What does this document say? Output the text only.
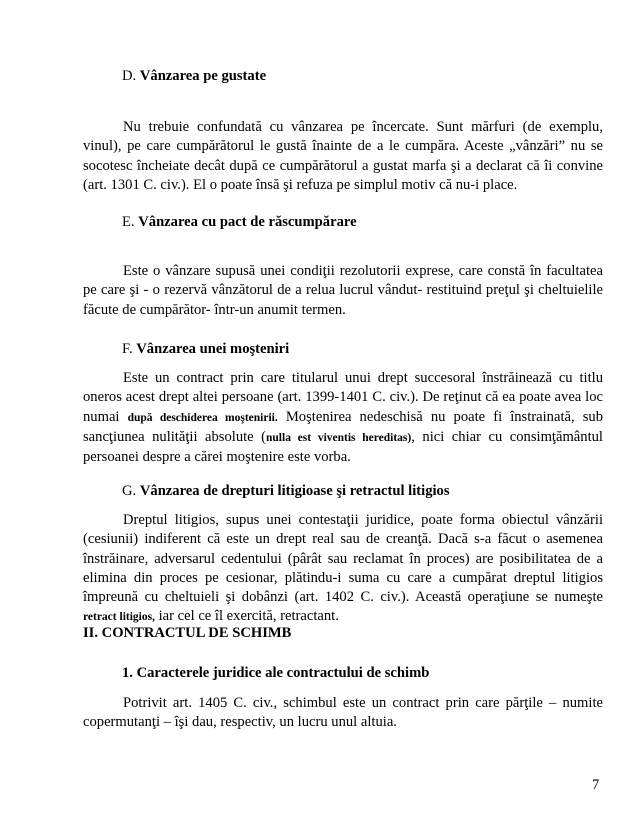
D. Vânzarea pe gustate
Nu trebuie confundată cu vânzarea pe încercate. Sunt mărfuri (de exemplu, vinul), pe care cumpărătorul le gustă înainte de a le cumpăra. Aceste „vânzări” nu se socotesc încheiate decât după ce cumpărătorul a gustat marfa şi a declarat că îi convine (art. 1301 C. civ.). El o poate însă şi refuza pe simplul motiv că nu-i place.
E. Vânzarea cu pact de răscumpărare
Este o vânzare supusă unei condiţii rezolutorii exprese, care constă în facultatea pe care şi - o rezervă vânzătorul de a relua lucrul vândut- restituind preţul şi cheltuielile făcute de cumpărător- într-un anumit termen.
F. Vânzarea unei moşteniri
Este un contract prin care titularul unui drept succesoral înstrăinează cu titlu oneros acest drept altei persoane (art. 1399-1401 C. civ.). De reţinut că ea poate avea loc numai după deschiderea moştenirii. Moştenirea nedeschisă nu poate fi înstrainată, sub sancţiunea nulităţii absolute (nulla est viventis hereditas), nici chiar cu consimţământul persoanei despre a cărei moştenire este vorba.
G. Vânzarea de drepturi litigioase şi retractul litigios
Dreptul litigios, supus unei contestaţii juridice, poate forma obiectul vânzării (cesiunii) indiferent că este un drept real sau de creanţă. Dacă s-a făcut o asemenea înstrăinare, adversarul cedentului (pârât sau reclamat în proces) are posibilitatea de a elimina din proces pe cesionar, plătindu-i suma cu care a cumpărat dreptul litigios împreună cu cheltuieli şi dobânzi (art. 1402 C. civ.). Această operaţiune se numeşte retract litigios, iar cel ce îl exercită, retractant.
II. CONTRACTUL DE SCHIMB
1. Caracterele juridice ale contractului de schimb
Potrivit art. 1405 C. civ., schimbul este un contract prin care părţile – numite copermutanţi – îşi dau, respectiv, un lucru unul altuia.
7
